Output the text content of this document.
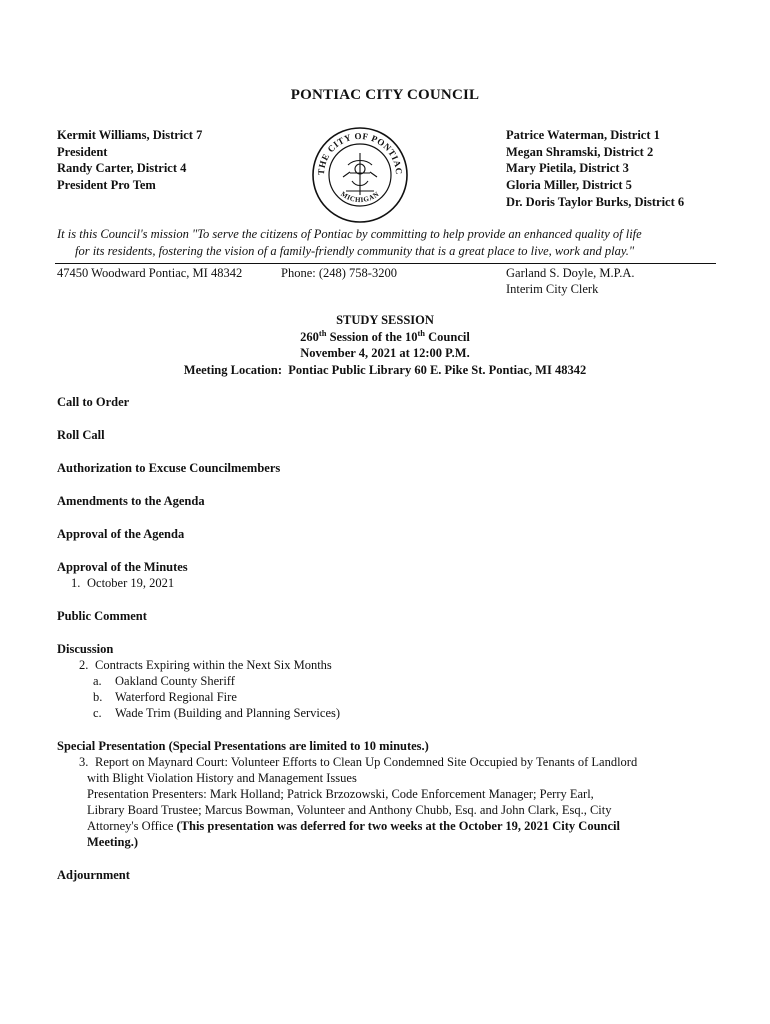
PONTIAC CITY COUNCIL
Kermit Williams, District 7
President
Randy Carter, District 4
President Pro Tem
THE CITY OF PONTIAC
MICHIGAN
Patrice Waterman, District 1
Megan Shramski, District 2
Mary Pietila, District 3
Gloria Miller, District 5
Dr. Doris Taylor Burks, District 6
It is this Council's mission "To serve the citizens of Pontiac by committing to help provide an enhanced quality of life
for its residents, fostering the vision of a family-friendly community that is a great place to live, work and play."
47450 Woodward Pontiac, MI 48342	Phone: (248) 758-3200	Garland S. Doyle, M.P.A.
Interim City Clerk
STUDY SESSION
260th Session of the 10th Council
November 4, 2021 at 12:00 P.M.
Meeting Location: Pontiac Public Library 60 E. Pike St. Pontiac, MI 48342
Call to Order
Roll Call
Authorization to Excuse Councilmembers
Amendments to the Agenda
Approval of the Agenda
Approval of the Minutes
1. October 19, 2021
Public Comment
Discussion
2. Contracts Expiring within the Next Six Months
a. Oakland County Sheriff
b. Waterford Regional Fire
c. Wade Trim (Building and Planning Services)
Special Presentation (Special Presentations are limited to 10 minutes.)
3. Report on Maynard Court: Volunteer Efforts to Clean Up Condemned Site Occupied by Tenants of Landlord
with Blight Violation History and Management Issues
Presentation Presenters: Mark Holland; Patrick Brzozowski, Code Enforcement Manager; Perry Earl,
Library Board Trustee; Marcus Bowman, Volunteer and Anthony Chubb, Esq. and John Clark, Esq., City
Attorney's Office (This presentation was deferred for two weeks at the October 19, 2021 City Council
Meeting.)
Adjournment
